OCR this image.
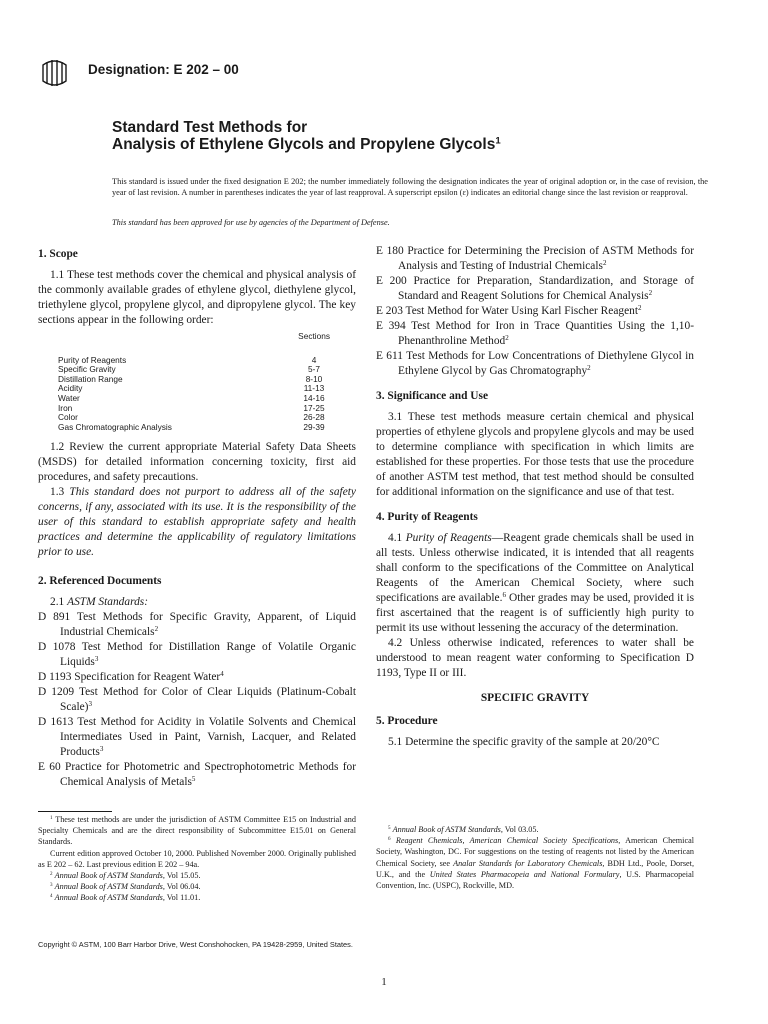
Designation: E 202 – 00
Standard Test Methods for
Analysis of Ethylene Glycols and Propylene Glycols$^1$
This standard is issued under the fixed designation E 202; the number immediately following the designation indicates the year of original adoption or, in the case of revision, the year of last revision. A number in parentheses indicates the year of last reapproval. A superscript epsilon (ε) indicates an editorial change since the last revision or reapproval.
This standard has been approved for use by agencies of the Department of Defense.

1. Scope

1.1 These test methods cover the chemical and physical analysis of the commonly available grades of ethylene glycol, diethylene glycol, triethylene glycol, propylene glycol, and dipropylene glycol. The key sections appear in the following order:

Sections
Purity of Reagents	4
Specific Gravity	5-7
Distillation Range	8-10
Acidity	11-13
Water	14-16
Iron	17-25
Color	26-28
Gas Chromatographic Analysis	29-39

1.2 Review the current appropriate Material Safety Data Sheets (MSDS) for detailed information concerning toxicity, first aid procedures, and safety precautions.

1.3 This standard does not purport to address all of the safety concerns, if any, associated with its use. It is the responsibility of the user of this standard to establish appropriate safety and health practices and determine the applicability of regulatory limitations prior to use.

2. Referenced Documents

2.1 ASTM Standards:

D 891 Test Methods for Specific Gravity, Apparent, of Liquid Industrial Chemicals$^2$

D 1078 Test Method for Distillation Range of Volatile Organic Liquids$^3$

D 1193 Specification for Reagent Water$^4$

D 1209 Test Method for Color of Clear Liquids (Platinum-Cobalt Scale)$^3$

D 1613 Test Method for Acidity in Volatile Solvents and Chemical Intermediates Used in Paint, Varnish, Lacquer, and Related Products$^3$

E 60 Practice for Photometric and Spectrophotometric Methods for Chemical Analysis of Metals$^5$

E 180 Practice for Determining the Precision of ASTM Methods for Analysis and Testing of Industrial Chemicals$^2$

E 200 Practice for Preparation, Standardization, and Storage of Standard and Reagent Solutions for Chemical Analysis$^2$

E 203 Test Method for Water Using Karl Fischer Reagent$^2$

E 394 Test Method for Iron in Trace Quantities Using the 1,10-Phenanthroline Method$^2$

E 611 Test Methods for Low Concentrations of Diethylene Glycol in Ethylene Glycol by Gas Chromatography$^2$

3. Significance and Use

3.1 These test methods measure certain chemical and physical properties of ethylene glycols and propylene glycols and may be used to determine compliance with specification in which limits are established for these properties. For those tests that use the procedure of another ASTM test method, that test method should be consulted for additional information on the significance and use of that test.

4. Purity of Reagents

4.1 Purity of Reagents—Reagent grade chemicals shall be used in all tests. Unless otherwise indicated, it is intended that all reagents shall conform to the specifications of the Committee on Analytical Reagents of the American Chemical Society, where such specifications are available.$^6$ Other grades may be used, provided it is first ascertained that the reagent is of sufficiently high purity to permit its use without lessening the accuracy of the determination.

4.2 Unless otherwise indicated, references to water shall be understood to mean reagent water conforming to Specification D 1193, Type II or III.

SPECIFIC GRAVITY

5. Procedure

5.1 Determine the specific gravity of the sample at 20/20°C

$^1$ These test methods are under the jurisdiction of ASTM Committee E15 on Industrial and Specialty Chemicals and are the direct responsibility of Subcommittee E15.01 on General Standards.

Current edition approved October 10, 2000. Published November 2000. Originally published as E 202 – 62. Last previous edition E 202 – 94a.

$^2$ Annual Book of ASTM Standards, Vol 15.05.

$^3$ Annual Book of ASTM Standards, Vol 06.04.

$^4$ Annual Book of ASTM Standards, Vol 11.01.

$^5$ Annual Book of ASTM Standards, Vol 03.05.

$^6$ Reagent Chemicals, American Chemical Society Specifications, American Chemical Society, Washington, DC. For suggestions on the testing of reagents not listed by the American Chemical Society, see Analar Standards for Laboratory Chemicals, BDH Ltd., Poole, Dorset, U.K., and the United States Pharmacopeia and National Formulary, U.S. Pharmacopeial Convention, Inc. (USPC), Rockville, MD.

Copyright © ASTM, 100 Barr Harbor Drive, West Conshohocken, PA 19428-2959, United States.
1
